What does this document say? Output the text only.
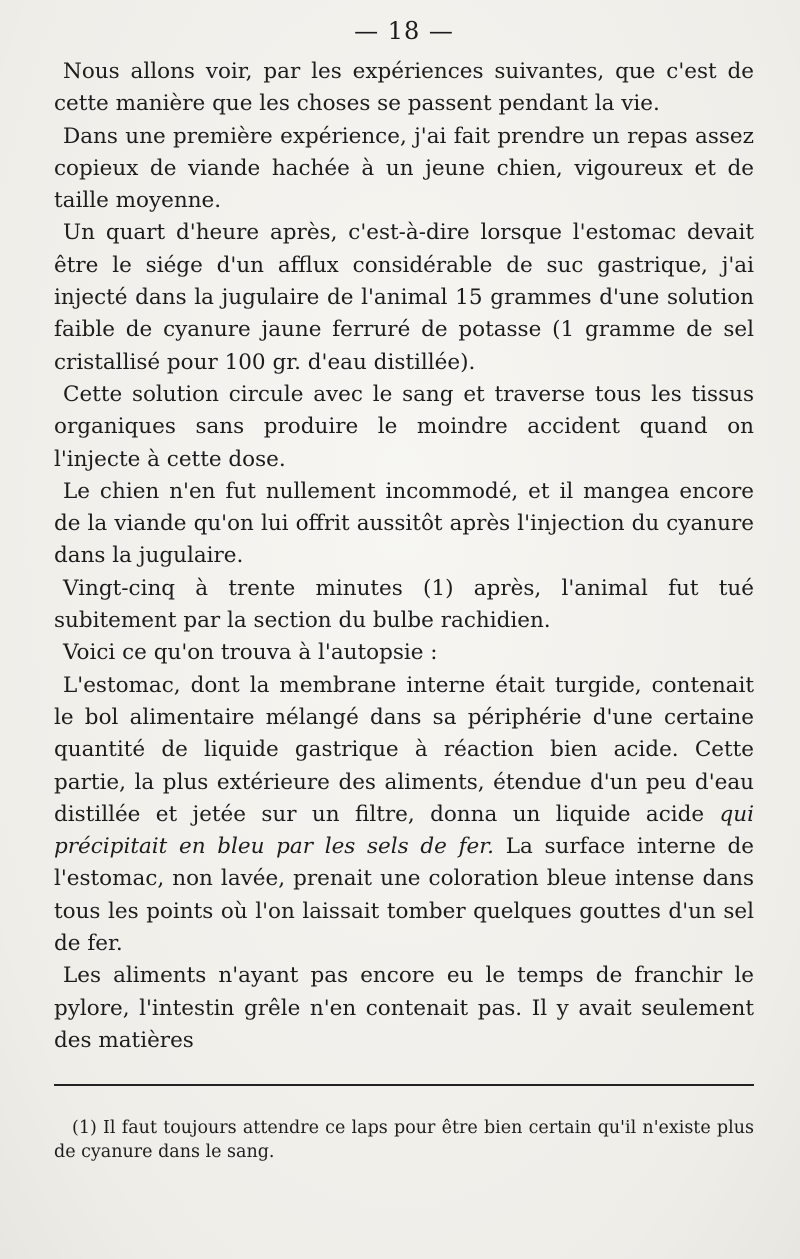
— 18 —

Nous allons voir, par les expériences suivantes, que c'est de cette manière que les choses se passent pendant la vie.

Dans une première expérience, j'ai fait prendre un repas assez copieux de viande hachée à un jeune chien, vigoureux et de taille moyenne.

Un quart d'heure après, c'est-à-dire lorsque l'estomac devait être le siége d'un afflux considérable de suc gastrique, j'ai injecté dans la jugulaire de l'animal 15 grammes d'une solution faible de cyanure jaune ferruré de potasse (1 gramme de sel cristallisé pour 100 gr. d'eau distillée).

Cette solution circule avec le sang et traverse tous les tissus organiques sans produire le moindre accident quand on l'injecte à cette dose.

Le chien n'en fut nullement incommodé, et il mangea encore de la viande qu'on lui offrit aussitôt après l'injection du cyanure dans la jugulaire.

Vingt-cinq à trente minutes (1) après, l'animal fut tué subitement par la section du bulbe rachidien.

Voici ce qu'on trouva à l'autopsie :

L'estomac, dont la membrane interne était turgide, contenait le bol alimentaire mélangé dans sa périphérie d'une certaine quantité de liquide gastrique à réaction bien acide. Cette partie, la plus extérieure des aliments, étendue d'un peu d'eau distillée et jetée sur un filtre, donna un liquide acide qui précipitait en bleu par les sels de fer. La surface interne de l'estomac, non lavée, prenait une coloration bleue intense dans tous les points où l'on laissait tomber quelques gouttes d'un sel de fer.

Les aliments n'ayant pas encore eu le temps de franchir le pylore, l'intestin grêle n'en contenait pas. Il y avait seulement des matières

(1) Il faut toujours attendre ce laps pour être bien certain qu'il n'existe plus de cyanure dans le sang.
